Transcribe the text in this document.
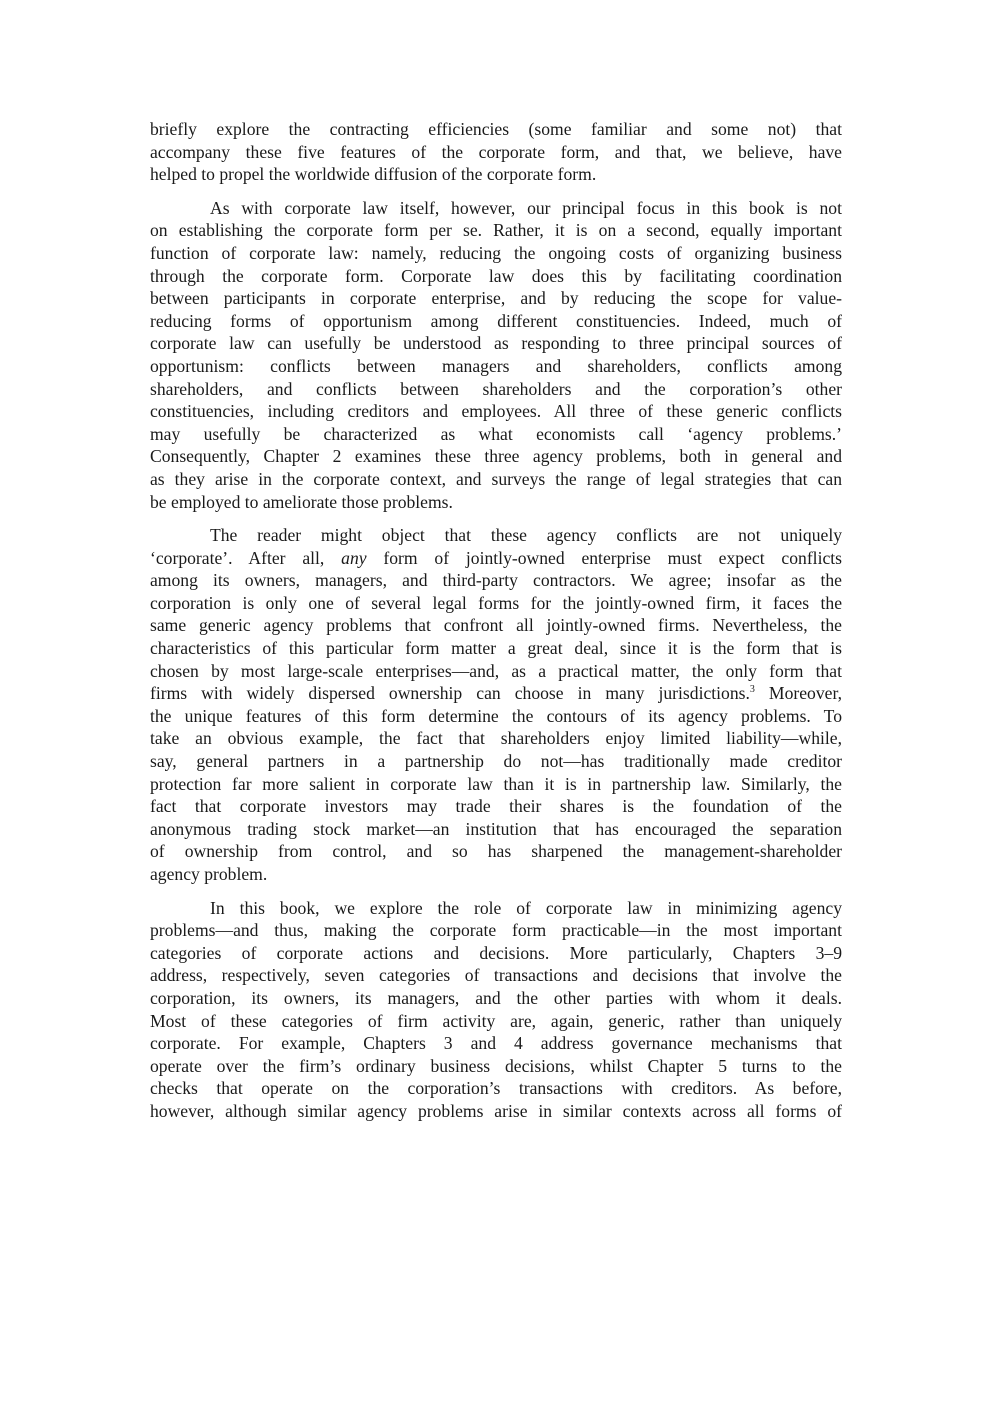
briefly explore the contracting efficiencies (some familiar and some not) that
accompany these five features of the corporate form, and that, we believe, have
helped to propel the worldwide diffusion of the corporate form.
As with corporate law itself, however, our principal focus in this book is not
on establishing the corporate form per se. Rather, it is on a second, equally important
function of corporate law: namely, reducing the ongoing costs of organizing business
through the corporate form. Corporate law does this by facilitating coordination
between participants in corporate enterprise, and by reducing the scope for value-
reducing forms of opportunism among different constituencies. Indeed, much of
corporate law can usefully be understood as responding to three principal sources of
opportunism: conflicts between managers and shareholders, conflicts among
shareholders, and conflicts between shareholders and the corporation’s other
constituencies, including creditors and employees. All three of these generic conflicts
may usefully be characterized as what economists call ‘agency problems.’
Consequently, Chapter 2 examines these three agency problems, both in general and
as they arise in the corporate context, and surveys the range of legal strategies that can
be employed to ameliorate those problems.
The reader might object that these agency conflicts are not uniquely
‘corporate’. After all, any form of jointly-owned enterprise must expect conflicts
among its owners, managers, and third-party contractors. We agree; insofar as the
corporation is only one of several legal forms for the jointly-owned firm, it faces the
same generic agency problems that confront all jointly-owned firms. Nevertheless, the
characteristics of this particular form matter a great deal, since it is the form that is
chosen by most large-scale enterprises—and, as a practical matter, the only form that
firms with widely dispersed ownership can choose in many jurisdictions.$^3$ Moreover,
the unique features of this form determine the contours of its agency problems. To
take an obvious example, the fact that shareholders enjoy limited liability—while,
say, general partners in a partnership do not—has traditionally made creditor
protection far more salient in corporate law than it is in partnership law. Similarly, the
fact that corporate investors may trade their shares is the foundation of the
anonymous trading stock market—an institution that has encouraged the separation
of ownership from control, and so has sharpened the management-shareholder
agency problem.
In this book, we explore the role of corporate law in minimizing agency
problems—and thus, making the corporate form practicable—in the most important
categories of corporate actions and decisions. More particularly, Chapters 3–9
address, respectively, seven categories of transactions and decisions that involve the
corporation, its owners, its managers, and the other parties with whom it deals.
Most of these categories of firm activity are, again, generic, rather than uniquely
corporate. For example, Chapters 3 and 4 address governance mechanisms that
operate over the firm’s ordinary business decisions, whilst Chapter 5 turns to the
checks that operate on the corporation’s transactions with creditors. As before,
however, although similar agency problems arise in similar contexts across all forms of
